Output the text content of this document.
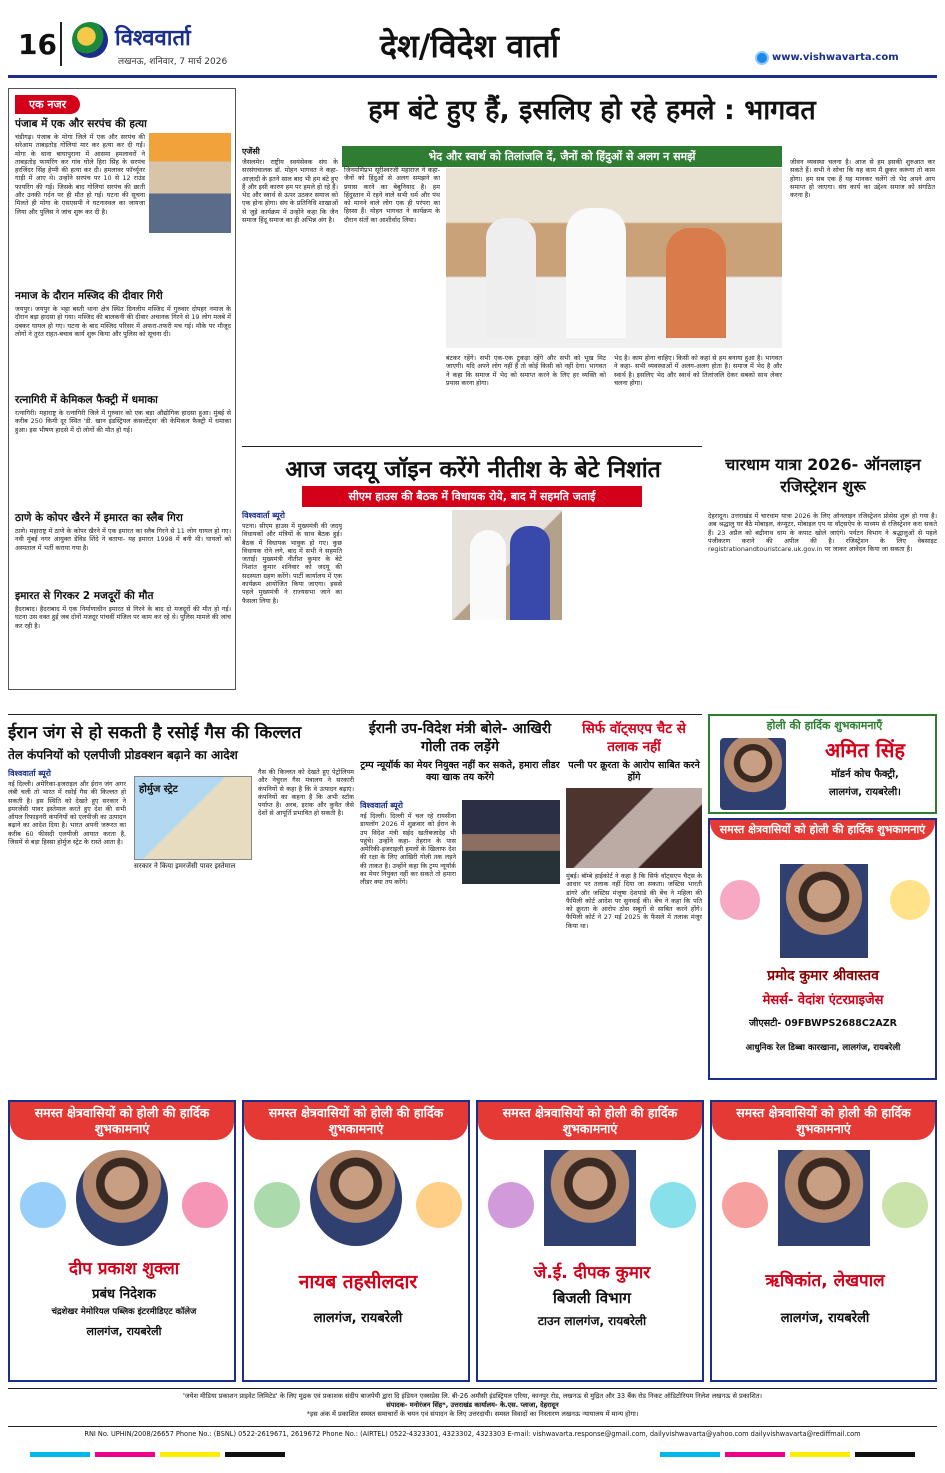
16	विश्ववार्ता
लखनऊ, शनिवार, 7 मार्च 2026	देश/विदेश वार्ता	www.vishwavarta.com
एक नजर
पंजाब में एक और सरपंच की हत्या
चंडीगढ़। पंजाब के मोगा जिले में एक और सरपंच की सरेआम ताबड़तोड़ गोलियां मार कर हत्या कर दी गई। मोगा के थाना बाघापुराना में आसमा हमलावरों ने ताबड़तोड़ फायरिंग कर गांव घोले हिरा सिंह के सरपंच हरजिंदर सिंह हेप्पी की हत्या कर दी। हमलावर फॉर्च्यूनर गाड़ी में आए थे। उन्होंने सरपंच पर 10 से 12 राउंड फायरिंग की गई। जिसके बाद गोलियां सरपंच की छाती और उनकी गर्दन पर ही मौत हो गई। घटना की सूचना मिलते ही मोगा के एसएसपी ने घटनास्थल का जायजा लिया और पुलिस ने जांच शुरू कर दी है।
नमाज के दौरान मस्जिद की दीवार गिरी
जयपुर। जयपुर के भट्टा बस्ती थाना क्षेत्र स्थित ग्रिनलीप मस्जिद में गुरुवार दोपहर नमाज के दौरान बड़ा हादसा हो गया। मस्जिद की बालकनी की दीवार अचानक गिरने से 19 लोग मलबे में दबकर घायल हो गए। घटना के बाद मस्जिद परिसर में अफरा-तफरी मच गई। मौके पर मौजूद लोगों ने तुरंत राहत-बचाव कार्य शुरू किया और पुलिस को सूचना दी।
रत्नागिरी में केमिकल फैक्ट्री में धमाका
रत्नागिरी। महाराष्ट्र के रत्नागिरी जिले में गुरुवार को एक बड़ा औद्योगिक हादसा हुआ। मुंबई से करीब 250 किमी दूर स्थित 'डी. खान इंडस्ट्रियल कंसल्टेंट्स' की केमिकल फैक्ट्री में धमाका हुआ। इस भीषण हादसे में दो लोगों की मौत हो गई।
ठाणे के कोपर खैरने में इमारत का स्लैब गिरा
ठाणे। महाराष्ट्र में ठाणे के कोपर खैरने में एक इमारत का स्लैब गिरने से 11 लोग घायल हो गए। नवी मुंबई नगर आयुक्त डेविड शिंदे ने बताया- यह इमारत 1998 में बनी थी। घायलों को अस्पताल में भर्ती कराया गया है।
इमारत से गिरकर 2 मजदूरों की मौत
हैदराबाद। हैदराबाद में एक निर्माणाधीन इमारत से गिरने के बाद दो मजदूरों की मौत हो गई। घटना उस वक्त हुई जब दोनों मजदूर पांचवीं मंजिल पर काम कर रहे थे। पुलिस मामले की जांच कर रही है।
हम बंटे हुए हैं, इसलिए हो रहे हमले : भागवत
भेद और स्वार्थ को तिलांजलि दें, जैनों को हिंदुओं से अलग न समझें
एजेंसी
जैसलमेर। राष्ट्रीय स्वयंसेवक संघ के सरसंघचालक डॉ. मोहन भागवत ने कहा- आज़ादी के इतने साल बाद भी हम बंटे हुए हैं और इसी कारण हम पर हमले हो रहे हैं। भेद और स्वार्थ से ऊपर उठकर समाज को एक होना होगा। संघ के प्रतिनिधि शाखाओं से जुड़े कार्यक्रम में उन्होंने कहा कि जैन समाज हिंदू समाज का ही अभिन्न अंग है।
जिनमणिप्रभ सूरीश्वरजी महाराज ने कहा- जैनों को हिंदुओं से अलग समझने का प्रयास करने का बेबुनियाद है। हम हिंदुस्तान में रहने वाले सभी धर्म और पंथ को मानने वाले लोग एक ही परंपरा का हिस्सा हैं। मोहन भागवत ने कार्यक्रम के दौरान संतों का आशीर्वाद लिया।
बंटकर रहेंगे। सभी एक-एक टुकड़ा रहेंगे और सभी को भूख मिट जाएगी। यदि अपने लोग नहीं हैं तो कोई किसी को नहीं देगा। भागवत ने कहा कि समाज में भेद को समाप्त करने के लिए हर व्यक्ति को प्रयास करना होगा।
भेद है। काम होना चाहिए। किसी को कहां से हम बनाया हुआ है। भागवत ने कहा- सभी व्यवस्थाओं में अलग-अलग होता है। समाज में भेद है और स्वार्थ है। इसलिए भेद और स्वार्थ को तिलांजलि देकर सबको साथ लेकर चलना होगा।
जीवन व्यवस्था चलना है। आज से हम इसकी शुरुआत कर सकते हैं। सभी ने सोचा कि यह काम मैं छूकर करूंगा तो काम होगा। हम सब एक हैं यह मानकर चलेंगे तो भेद अपने आप समाप्त हो जाएगा। संघ कार्य का उद्देश्य समाज को संगठित करना है।
आज जदयू जॉइन करेंगे नीतीश के बेटे निशांत
सीएम हाउस की बैठक में विधायक रोये, बाद में सहमति जताई
विश्ववार्ता ब्यूरो
पटना। सीएम हाउस में मुख्यमंत्री की जदयू विधायकों और मंत्रियों के साथ बैठक हुई। बैठक में विधायक भावुक हो गए। कुछ विधायक रोने लगे, बाद में सभी ने सहमति जताई। मुख्यमंत्री नीतीश कुमार के बेटे निशांत कुमार शनिवार को जदयू की सदस्यता ग्रहण करेंगे। पार्टी कार्यालय में एक कार्यक्रम आयोजित किया जाएगा। इससे पहले मुख्यमंत्री ने राज्यसभा जाने का फैसला लिया है।
चारधाम यात्रा 2026- ऑनलाइन रजिस्ट्रेशन शुरू
देहरादून। उत्तराखंड में चारधाम यात्रा 2026 के लिए ऑनलाइन रजिस्ट्रेशन प्रोसेस शुरू हो गया है। अब श्रद्धालु घर बैठे मोबाइल, कंप्यूटर, मोबाइल एप या वॉट्सऐप के माध्यम से रजिस्ट्रेशन करा सकते हैं। 23 अप्रैल को बद्रीनाथ धाम के कपाट खोले जाएंगे। पर्यटन विभाग ने श्रद्धालुओं से पहले पंजीकरण कराने की अपील की है। रजिस्ट्रेशन के लिए वेबसाइट registrationandtouristcare.uk.gov.in पर जाकर आवेदन किया जा सकता है।
होली की हार्दिक शुभकामनाएँ
अमित सिंह
मॉडर्न कोच फैक्ट्री,
लालगंज, रायबरेली।
समस्त क्षेत्रवासियों को होली की हार्दिक शुभकामनाएं
प्रमोद कुमार श्रीवास्तव
मेसर्स- वेदांश एंटरप्राइजेस
जीएसटी- 09FBWPS2688C2AZR
आधुनिक रेल डिब्बा कारखाना, लालगंज, रायबरेली
ईरान जंग से हो सकती है रसोई गैस की किल्लत
तेल कंपनियों को एलपीजी प्रोडक्शन बढ़ाने का आदेश
विश्ववार्ता ब्यूरो
नई दिल्ली। अमेरिका-इजराइल और ईरान जंग अगर लंबी चली तो भारत में रसोई गैस की किल्लत हो सकती है। इस स्थिति को देखते हुए सरकार ने इमरजेंसी पावर इस्तेमाल करते हुए देश की सभी ऑयल रिफाइनरी कंपनियों को एलपीजी का उत्पादन बढ़ाने का आदेश दिया है। भारत अपनी जरूरत का करीब 60 फीसदी एलपीजी आयात करता है, जिसमें से बड़ा हिस्सा होर्मुज स्ट्रेट के रास्ते आता है।
होर्मुज स्ट्रेट
सरकार ने किया इमरजेंसी पावर इस्तेमाल
गैस की किल्लत को देखते हुए पेट्रोलियम और नेचुरल गैस मंत्रालय ने सरकारी कंपनियों से कहा है कि वे उत्पादन बढ़ाएं। कंपनियों का कहना है कि अभी स्टॉक पर्याप्त है। अरब, इराक और कुवैत जैसे देशों से आपूर्ति प्रभावित हो सकती है।
ईरानी उप-विदेश मंत्री बोले- आखिरी गोली तक लड़ेंगे
ट्रम्प न्यूयॉर्क का मेयर नियुक्त नहीं कर सकते, हमारा लीडर क्या खाक तय करेंगे
विश्ववार्ता ब्यूरो
नई दिल्ली। दिल्ली में चल रहे रायसीना डायलॉग 2026 में शुक्रवार को ईरान के उप विदेश मंत्री सईद खतीबजादेह भी पहुंचे। उन्होंने कहा- तेहरान के पास अमेरिकी-इजराइली हमलों के खिलाफ देश की रक्षा के लिए आखिरी गोली तक लड़ने की ताकत है। उन्होंने कहा कि ट्रम्प न्यूयॉर्क का मेयर नियुक्त नहीं कर सकते तो हमारा लीडर क्या तय करेंगे।
सिर्फ वॉट्सएप चैट से तलाक नहीं
पत्नी पर क्रूरता के आरोप साबित करने होंगे
मुंबई। बॉम्बे हाईकोर्ट ने कहा है कि सिर्फ वॉट्सएप चैट्स के आधार पर तलाक नहीं दिया जा सकता। जस्टिस भारती डांगरे और जस्टिस मंजूषा देशपांडे की बेंच ने महिला की फैमिली कोर्ट आदेश पर सुनवाई की। बेंच ने कहा कि पति को क्रूरता के आरोप ठोस सबूतों से साबित करने होंगे। फैमिली कोर्ट ने 27 मई 2025 के फैसले में तलाक मंजूर किया था।
समस्त क्षेत्रवासियों को होली की हार्दिक शुभकामनाएं
दीप प्रकाश शुक्ला
प्रबंध निदेशक
चंद्रशेखर मेमोरियल पब्लिक इंटरमीडिएट कॉलेज
लालगंज, रायबरेली
समस्त क्षेत्रवासियों को होली की हार्दिक शुभकामनाएं
नायब तहसीलदार
लालगंज, रायबरेली
समस्त क्षेत्रवासियों को होली की हार्दिक शुभकामनाएं
जे.ई. दीपक कुमार
बिजली विभाग
टाउन लालगंज, रायबरेली
समस्त क्षेत्रवासियों को होली की हार्दिक शुभकामनाएं
ऋषिकांत, लेखपाल
लालगंज, रायबरेली
'जयेश मीडिया प्रकाशन प्राइवेट लिमिटेड' के लिए मुद्रक एवं प्रकाशक संदीप बाजपेयी द्वारा दि इंडियन एक्सप्रेस लि. बी-26 अमौसी इंडस्ट्रियल एरिया, कानपुर रोड, लखनऊ से मुद्रित और 33 बैंक रोड निकट ऑडिटोरियम निलेश लखनऊ से प्रकाशित।
संपादक- मनोरंजन सिंह*, उत्तराखंड कार्यालय- के.एस. प्लाजा, देहरादून
*इस अंक में प्रकाशित समस्त समाचारों के चयन एवं संपादन के लिए उत्तरदायी। समस्त विवादों का निस्तारण लखनऊ न्यायालय में मान्य होगा।
RNI No. UPHIN/2008/26657 Phone No.: (BSNL) 0522-2619671, 2619672 Phone No.: (AIRTEL) 0522-4323301, 4323302, 4323303 E-mail: vishwavarta.response@gmail.com, dailyvishwavarta@yahoo.com dailyvishwavarta@rediffmail.com
